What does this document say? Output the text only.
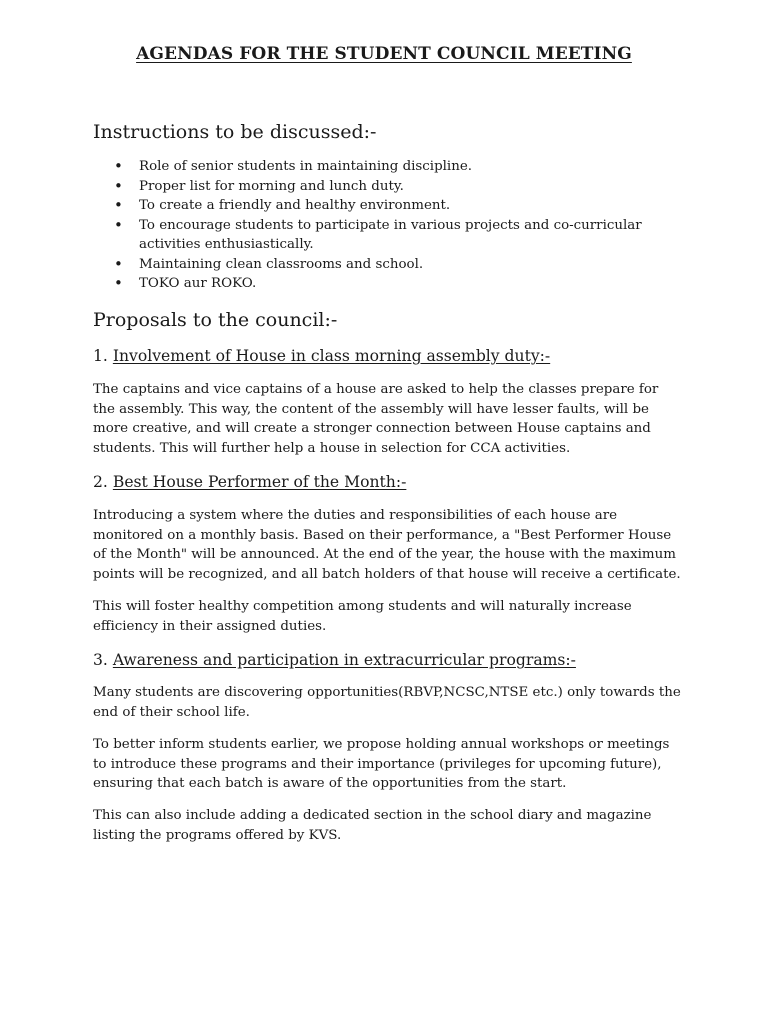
AGENDAS FOR THE STUDENT COUNCIL MEETING
Instructions to be discussed:-
• Role of senior students in maintaining discipline.
• Proper list for morning and lunch duty.
• To create a friendly and healthy environment.
• To encourage students to participate in various projects and co-curricular activities enthusiastically.
• Maintaining clean classrooms and school.
• TOKO aur ROKO.
Proposals to the council:-
1. Involvement of House in class morning assembly duty:-

The captains and vice captains of a house are asked to help the classes prepare for the assembly. This way, the content of the assembly will have lesser faults, will be more creative, and will create a stronger connection between House captains and students. This will further help a house in selection for CCA activities.

2. Best House Performer of the Month:-

Introducing a system where the duties and responsibilities of each house are monitored on a monthly basis. Based on their performance, a "Best Performer House of the Month" will be announced. At the end of the year, the house with the maximum points will be recognized, and all batch holders of that house will receive a certificate.

This will foster healthy competition among students and will naturally increase efficiency in their assigned duties.

3. Awareness and participation in extracurricular programs:-

Many students are discovering opportunities(RBVP,NCSC,NTSE etc.) only towards the end of their school life.

To better inform students earlier, we propose holding annual workshops or meetings to introduce these programs and their importance (privileges for upcoming future), ensuring that each batch is aware of the opportunities from the start.

This can also include adding a dedicated section in the school diary and magazine listing the programs offered by KVS.
